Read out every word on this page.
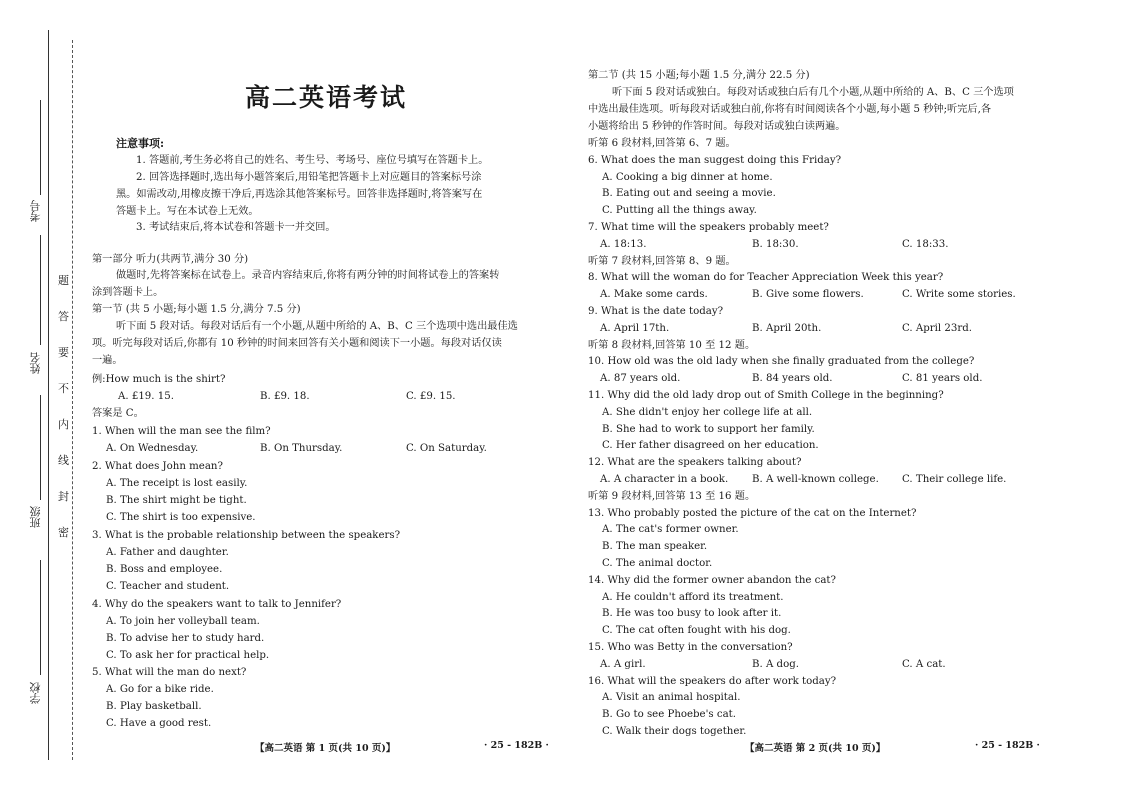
考号
姓名
班级
学校
题
答
要
不
内
线
封
密
高二英语考试
注意事项:
1. 答题前,考生务必将自己的姓名、考生号、考场号、座位号填写在答题卡上。
2. 回答选择题时,选出每小题答案后,用铅笔把答题卡上对应题目的答案标号涂
黑。如需改动,用橡皮擦干净后,再选涂其他答案标号。回答非选择题时,将答案写在
答题卡上。写在本试卷上无效。
3. 考试结束后,将本试卷和答题卡一并交回。
第一部分 听力(共两节,满分 30 分)
做题时,先将答案标在试卷上。录音内容结束后,你将有两分钟的时间将试卷上的答案转
涂到答题卡上。
第一节 (共 5 小题;每小题 1.5 分,满分 7.5 分)
听下面 5 段对话。每段对话后有一个小题,从题中所给的 A、B、C 三个选项中选出最佳选
项。听完每段对话后,你都有 10 秒钟的时间来回答有关小题和阅读下一小题。每段对话仅读
一遍。
例:How much is the shirt?
A. £19. 15.	B. £9. 18.	C. £9. 15.
答案是 C。
1. When will the man see the film?
A. On Wednesday.	B. On Thursday.	C. On Saturday.
2. What does John mean?
A. The receipt is lost easily.
B. The shirt might be tight.
C. The shirt is too expensive.
3. What is the probable relationship between the speakers?
A. Father and daughter.
B. Boss and employee.
C. Teacher and student.
4. Why do the speakers want to talk to Jennifer?
A. To join her volleyball team.
B. To advise her to study hard.
C. To ask her for practical help.
5. What will the man do next?
A. Go for a bike ride.
B. Play basketball.
C. Have a good rest.
【高二英语 第 1 页(共 10 页)】	· 25 - 182B ·
第二节 (共 15 小题;每小题 1.5 分,满分 22.5 分)
听下面 5 段对话或独白。每段对话或独白后有几个小题,从题中所给的 A、B、C 三个选项
中选出最佳选项。听每段对话或独白前,你将有时间阅读各个小题,每小题 5 秒钟;听完后,各
小题将给出 5 秒钟的作答时间。每段对话或独白读两遍。
听第 6 段材料,回答第 6、7 题。
6. What does the man suggest doing this Friday?
A. Cooking a big dinner at home.
B. Eating out and seeing a movie.
C. Putting all the things away.
7. What time will the speakers probably meet?
A. 18:13.	B. 18:30.	C. 18:33.
听第 7 段材料,回答第 8、9 题。
8. What will the woman do for Teacher Appreciation Week this year?
A. Make some cards.	B. Give some flowers.	C. Write some stories.
9. What is the date today?
A. April 17th.	B. April 20th.	C. April 23rd.
听第 8 段材料,回答第 10 至 12 题。
10. How old was the old lady when she finally graduated from the college?
A. 87 years old.	B. 84 years old.	C. 81 years old.
11. Why did the old lady drop out of Smith College in the beginning?
A. She didn't enjoy her college life at all.
B. She had to work to support her family.
C. Her father disagreed on her education.
12. What are the speakers talking about?
A. A character in a book. B. A well-known college. C. Their college life.
听第 9 段材料,回答第 13 至 16 题。
13. Who probably posted the picture of the cat on the Internet?
A. The cat's former owner.
B. The man speaker.
C. The animal doctor.
14. Why did the former owner abandon the cat?
A. He couldn't afford its treatment.
B. He was too busy to look after it.
C. The cat often fought with his dog.
15. Who was Betty in the conversation?
A. A girl.	B. A dog.	C. A cat.
16. What will the speakers do after work today?
A. Visit an animal hospital.
B. Go to see Phoebe's cat.
C. Walk their dogs together.
【高二英语 第 2 页(共 10 页)】	· 25 - 182B ·
